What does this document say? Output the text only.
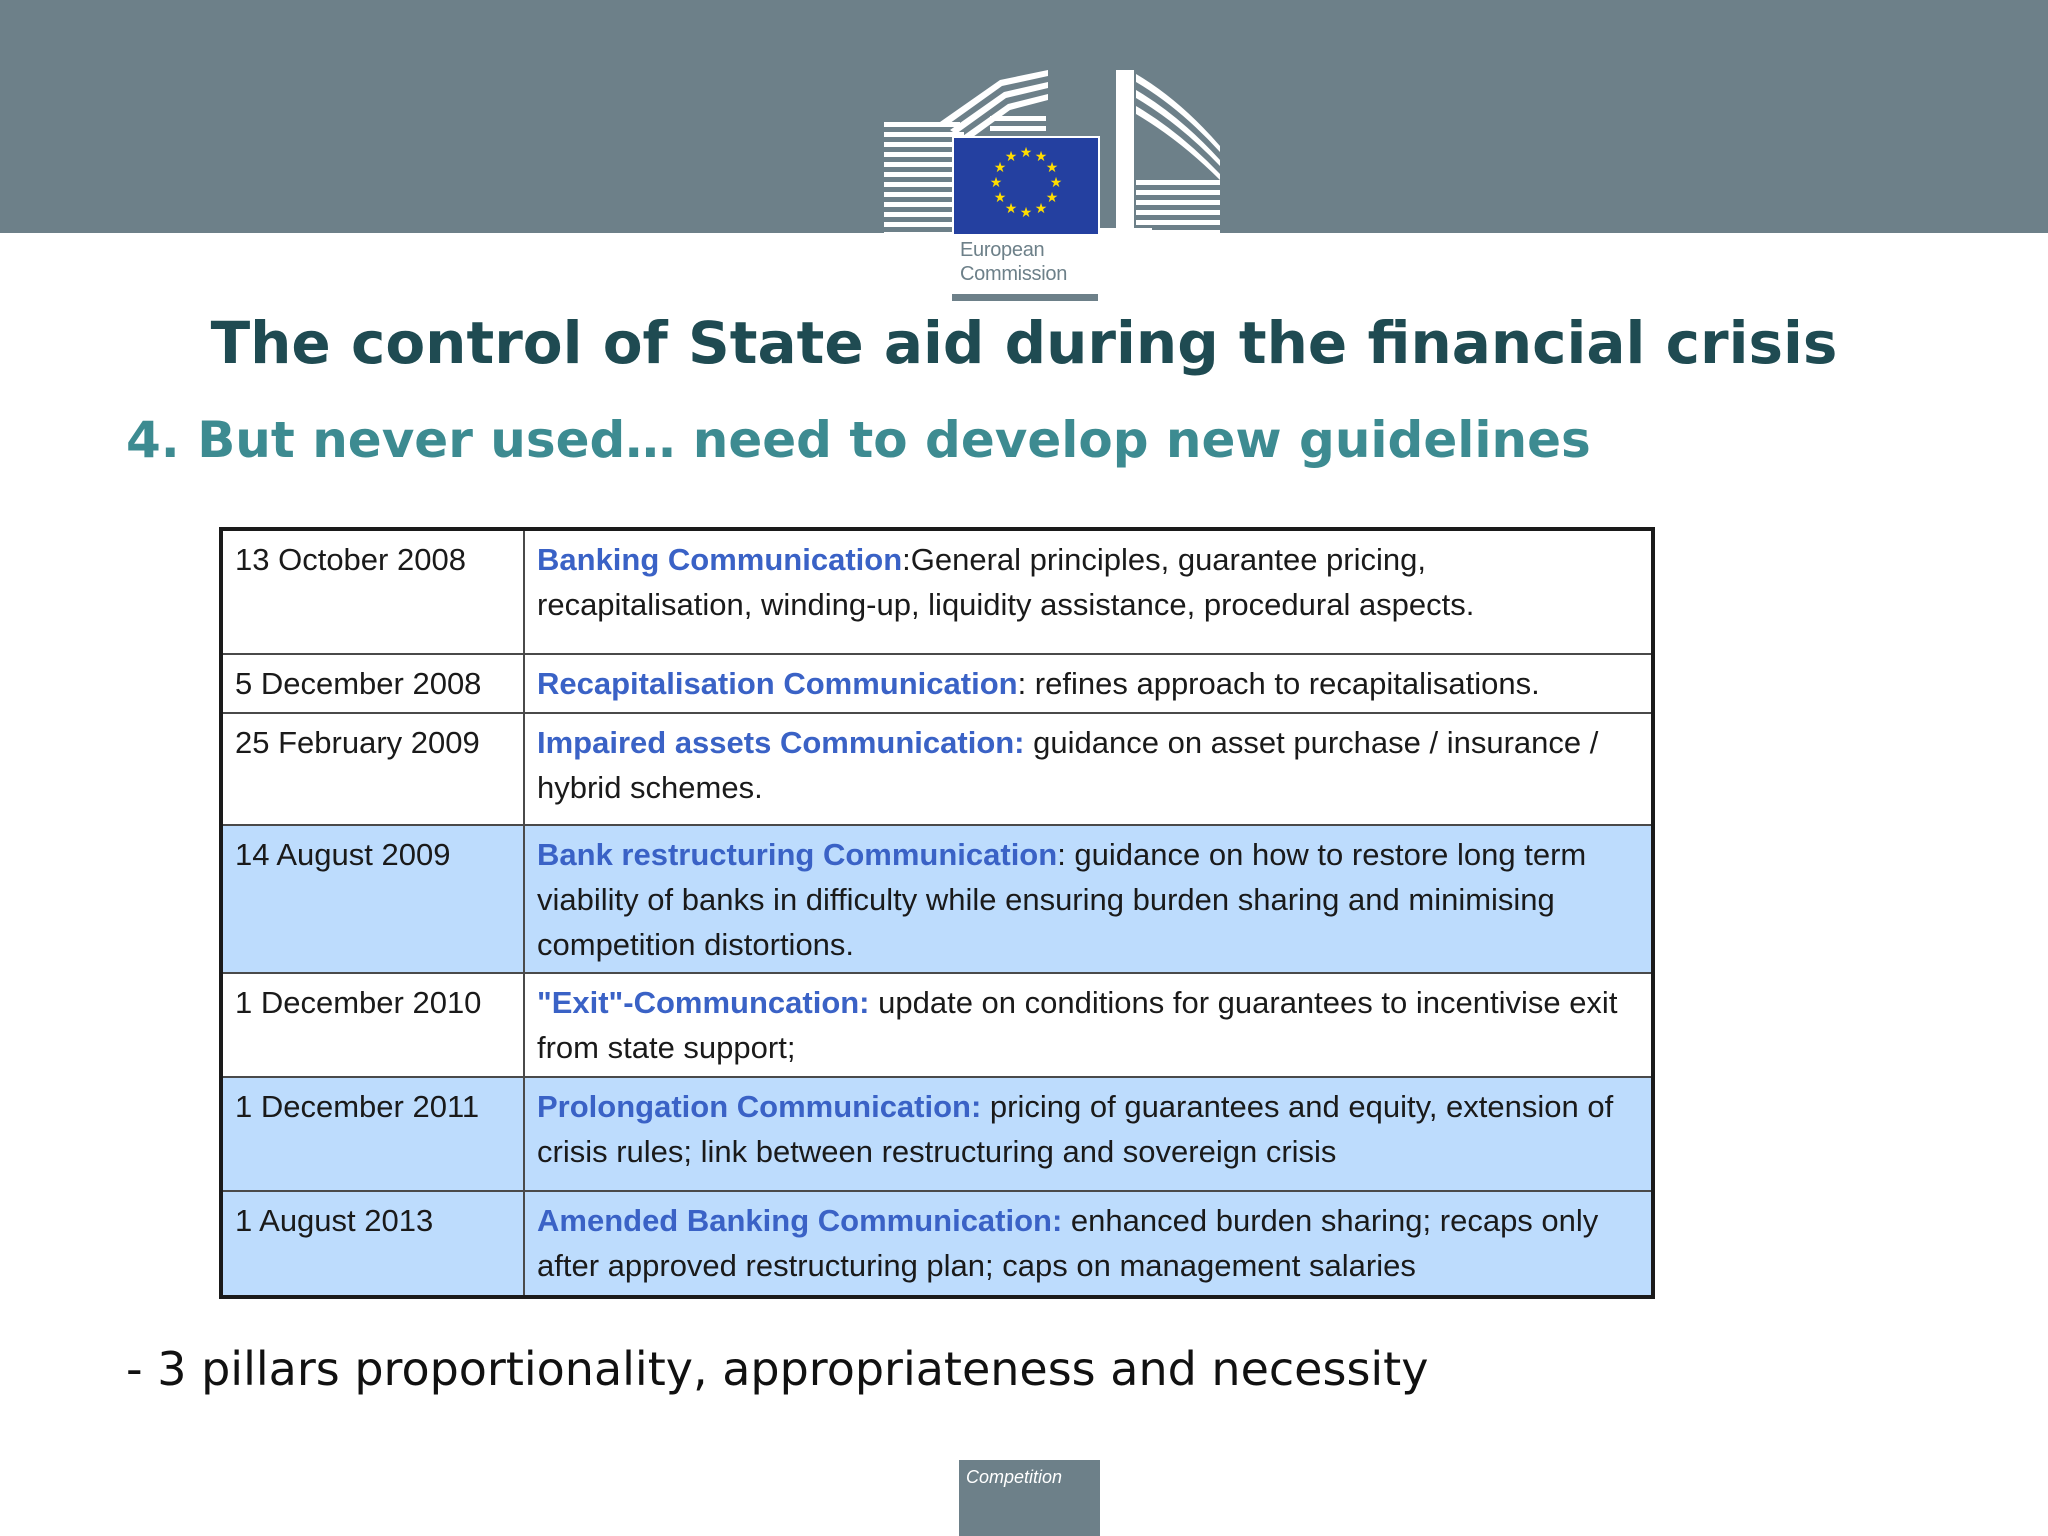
★ ★
★
★
★
★
★
★
★
★
★
★
European
Commission
The control of State aid during the financial crisis
4. But never used… need to develop new guidelines
13 October 2008	Banking Communication:General principles, guarantee pricing, recapitalisation, winding-up, liquidity assistance, procedural aspects.
5 December 2008	Recapitalisation Communication: refines approach to recapitalisations.
25 February 2009	Impaired assets Communication: guidance on asset purchase / insurance / hybrid schemes.
14 August 2009	Bank restructuring Communication: guidance on how to restore long term viability of banks in difficulty while ensuring burden sharing and minimising competition distortions.
1 December 2010	"Exit"-Communcation: update on conditions for guarantees to incentivise exit from state support;
1 December 2011	Prolongation Communication: pricing of guarantees and equity, extension of crisis rules; link between restructuring and sovereign crisis
1 August 2013	Amended Banking Communication: enhanced burden sharing; recaps only after approved restructuring plan; caps on management salaries
- 3 pillars proportionality, appropriateness and necessity
Competition
